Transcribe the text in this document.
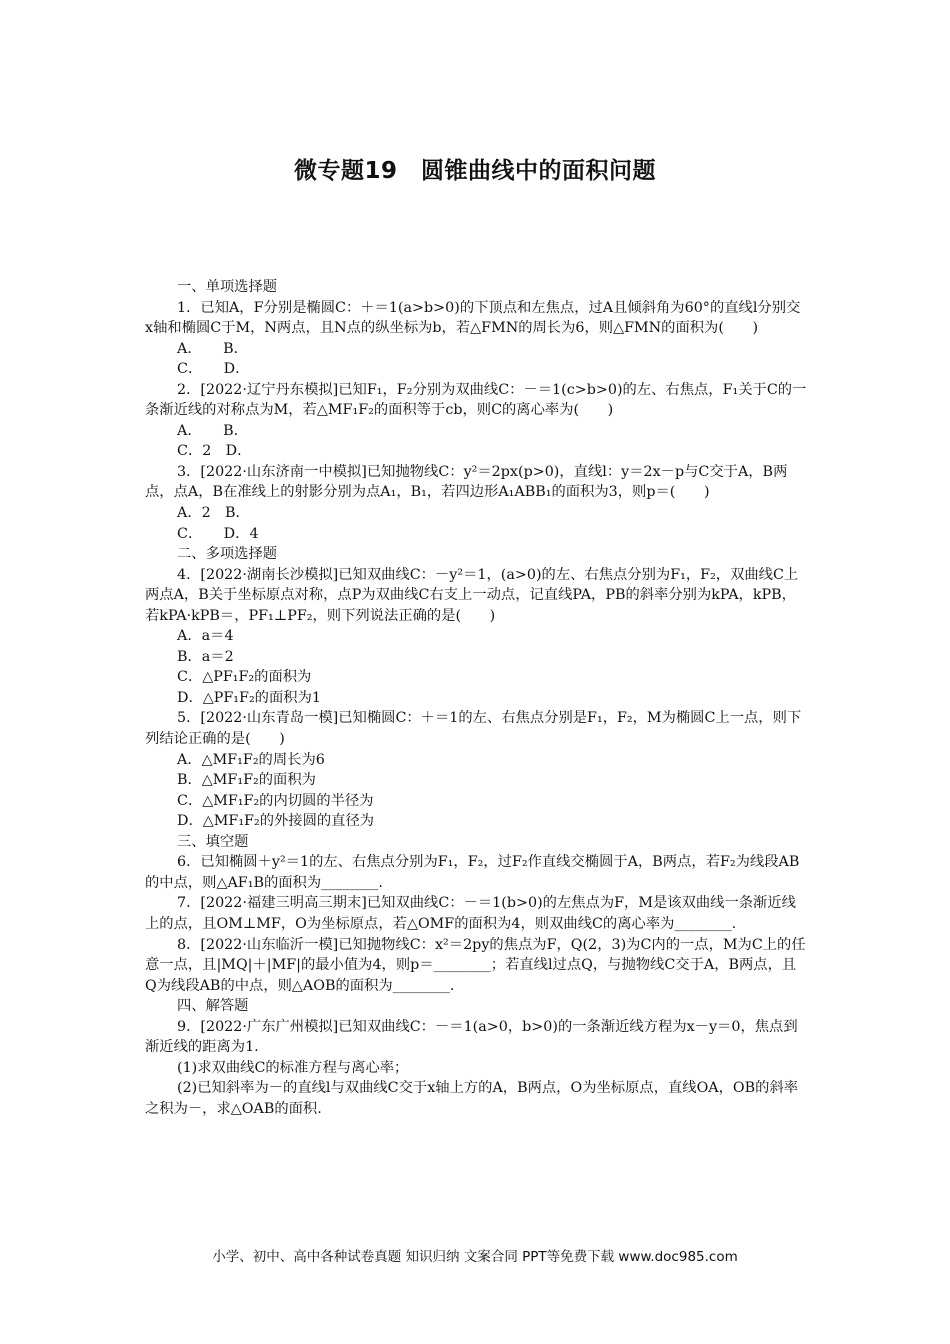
微专题19　圆锥曲线中的面积问题

一、单项选择题

1．已知A，F分别是椭圆C：＋＝1(a>b>0)的下顶点和左焦点，过A且倾斜角为60°的直线l分别交x轴和椭圆C于M，N两点，且N点的纵坐标为b，若△FMN的周长为6，则△FMN的面积为(　　)

A．　　B．

C．　　D．

2．[2022·辽宁丹东模拟]已知F₁，F₂分别为双曲线C：－＝1(c>b>0)的左、右焦点，F₁关于C的一条渐近线的对称点为M，若△MF₁F₂的面积等于cb，则C的离心率为(　　)

A．　　B．

C．2　D．

3．[2022·山东济南一中模拟]已知抛物线C：y²＝2px(p>0)，直线l：y＝2x－p与C交于A，B两点，点A，B在准线上的射影分别为点A₁，B₁，若四边形A₁ABB₁的面积为3，则p＝(　　)

A．2　B．

C．　　D．4

二、多项选择题

4．[2022·湖南长沙模拟]已知双曲线C：－y²＝1，(a>0)的左、右焦点分别为F₁，F₂，双曲线C上两点A，B关于坐标原点对称，点P为双曲线C右支上一动点，记直线PA，PB的斜率分别为kPA，kPB，若kPA·kPB＝，PF₁⊥PF₂，则下列说法正确的是(　　)

A．a＝4

B．a＝2

C．△PF₁F₂的面积为

D．△PF₁F₂的面积为1

5．[2022·山东青岛一模]已知椭圆C：＋＝1的左、右焦点分别是F₁，F₂，M为椭圆C上一点，则下列结论正确的是(　　)

A．△MF₁F₂的周长为6

B．△MF₁F₂的面积为

C．△MF₁F₂的内切圆的半径为

D．△MF₁F₂的外接圆的直径为

三、填空题

6．已知椭圆＋y²＝1的左、右焦点分别为F₁，F₂，过F₂作直线交椭圆于A，B两点，若F₂为线段AB的中点，则△AF₁B的面积为________.

7．[2022·福建三明高三期末]已知双曲线C：－＝1(b>0)的左焦点为F，M是该双曲线一条渐近线上的点，且OM⊥MF，O为坐标原点，若△OMF的面积为4，则双曲线C的离心率为________.

8．[2022·山东临沂一模]已知抛物线C：x²＝2py的焦点为F，Q(2，3)为C内的一点，M为C上的任意一点，且|MQ|＋|MF|的最小值为4，则p＝________；若直线l过点Q，与抛物线C交于A，B两点，且Q为线段AB的中点，则△AOB的面积为________.

四、解答题

9．[2022·广东广州模拟]已知双曲线C：－＝1(a>0，b>0)的一条渐近线方程为x－y＝0，焦点到渐近线的距离为1.

(1)求双曲线C的标准方程与离心率；

(2)已知斜率为－的直线l与双曲线C交于x轴上方的A，B两点，O为坐标原点，直线OA，OB的斜率之积为－，求△OAB的面积.

小学、初中、高中各种试卷真题 知识归纳 文案合同 PPT等免费下载 www.doc985.com
